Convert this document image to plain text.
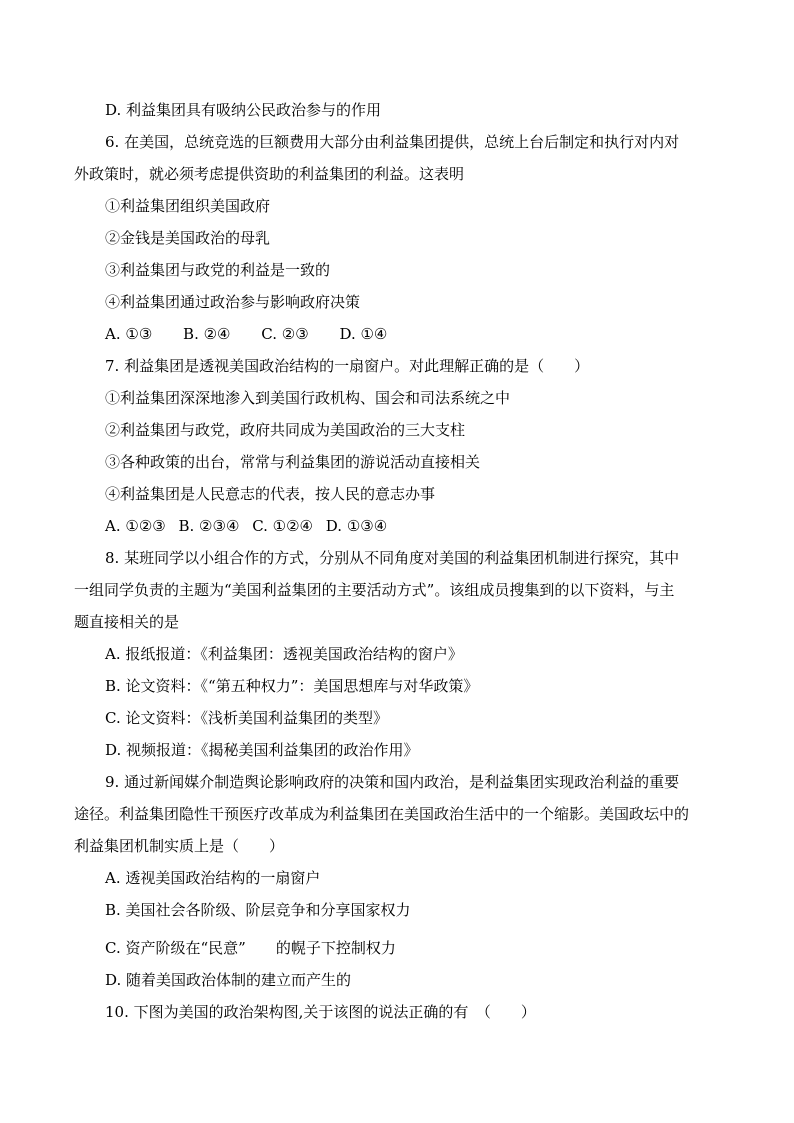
D. 利益集团具有吸纳公民政治参与的作用
6. 在美国，总统竞选的巨额费用大部分由利益集团提供，总统上台后制定和执行对内对
外政策时，就必须考虑提供资助的利益集团的利益。这表明
①利益集团组织美国政府
②金钱是美国政治的母乳
③利益集团与政党的利益是一致的
④利益集团通过政治参与影响政府决策
A. ①③ B. ②④ C. ②③ D. ①④
7. 利益集团是透视美国政治结构的一扇窗户。对此理解正确的是（　　）
①利益集团深深地渗入到美国行政机构、国会和司法系统之中
②利益集团与政党，政府共同成为美国政治的三大支柱
③各种政策的出台，常常与利益集团的游说活动直接相关
④利益集团是人民意志的代表，按人民的意志办事
A. ①②③ B. ②③④ C. ①②④ D. ①③④
8. 某班同学以小组合作的方式，分别从不同角度对美国的利益集团机制进行探究，其中
一组同学负责的主题为“美国利益集团的主要活动方式”。该组成员搜集到的以下资料，与主
题直接相关的是
A. 报纸报道：《利益集团：透视美国政治结构的窗户》
B. 论文资料：《“第五种权力”：美国思想库与对华政策》
C. 论文资料：《浅析美国利益集团的类型》
D. 视频报道：《揭秘美国利益集团的政治作用》
9. 通过新闻媒介制造舆论影响政府的决策和国内政治，是利益集团实现政治利益的重要
途径。利益集团隐性干预医疗改革成为利益集团在美国政治生活中的一个缩影。美国政坛中的
利益集团机制实质上是（　　）
A. 透视美国政治结构的一扇窗户
B. 美国社会各阶级、阶层竞争和分享国家权力
C. 资产阶级在“民意”　　的幌子下控制权力
D. 随着美国政治体制的建立而产生的
10. 下图为美国的政治架构图,关于该图的说法正确的有　（　　）
